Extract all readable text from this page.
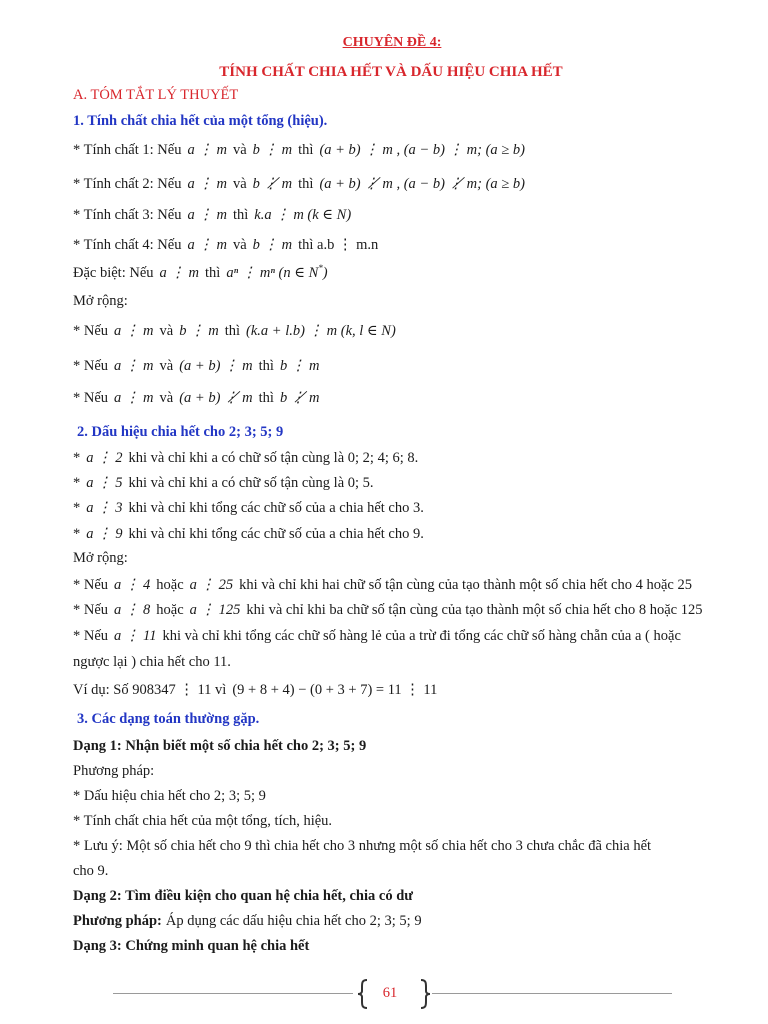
CHUYÊN ĐỀ 4:
TÍNH CHẤT CHIA HẾT VÀ DẤU HIỆU CHIA HẾT
A. TÓM TẮT LÝ THUYẾT
1. Tính chất chia hết của một tổng (hiệu).
* Tính chất 1: Nếu a ⋮ m và b ⋮ m thì (a + b) ⋮ m , (a − b) ⋮ m; (a ≥ b)
* Tính chất 2: Nếu a ⋮ m và b ⋮̸ m thì (a + b) ⋮̸ m , (a − b) ⋮̸ m; (a ≥ b)
* Tính chất 3: Nếu a ⋮ m thì k.a ⋮ m (k ∈ N)
* Tính chất 4: Nếu a ⋮ m và b ⋮ m thì a.b ⋮ m.n
Đặc biệt: Nếu a ⋮ m thì aⁿ ⋮ mⁿ (n ∈ N*)
Mở rộng:
* Nếu a ⋮ m và b ⋮ m thì (k.a + l.b) ⋮ m (k, l ∈ N)
* Nếu a ⋮ m và (a + b) ⋮ m thì b ⋮ m
* Nếu a ⋮ m và (a + b) ⋮̸ m thì b ⋮̸ m
2. Dấu hiệu chia hết cho 2; 3; 5; 9
* a ⋮ 2 khi và chỉ khi a có chữ số tận cùng là 0; 2; 4; 6; 8.
* a ⋮ 5 khi và chỉ khi a có chữ số tận cùng là 0; 5.
* a ⋮ 3 khi và chỉ khi tổng các chữ số của a chia hết cho 3.
* a ⋮ 9 khi và chỉ khi tổng các chữ số của a chia hết cho 9.
Mở rộng:
* Nếu a ⋮ 4 hoặc a ⋮ 25 khi và chỉ khi hai chữ số tận cùng của tạo thành một số chia hết cho 4 hoặc 25
* Nếu a ⋮ 8 hoặc a ⋮ 125 khi và chỉ khi ba chữ số tận cùng của tạo thành một số chia hết cho 8 hoặc 125
* Nếu a ⋮ 11 khi và chỉ khi tổng các chữ số hàng lẻ của a trừ đi tổng các chữ số hàng chẵn của a ( hoặc
ngược lại ) chia hết cho 11.
Ví dụ: Số 908347 ⋮ 11 vì (9 + 8 + 4) − (0 + 3 + 7) = 11 ⋮ 11
3. Các dạng toán thường gặp.
Dạng 1: Nhận biết một số chia hết cho 2; 3; 5; 9
Phương pháp:
* Dấu hiệu chia hết cho 2; 3; 5; 9
* Tính chất chia hết của một tổng, tích, hiệu.
* Lưu ý: Một số chia hết cho 9 thì chia hết cho 3 nhưng một số chia hết cho 3 chưa chắc đã chia hết
cho 9.
Dạng 2: Tìm điều kiện cho quan hệ chia hết, chia có dư
Phương pháp: Áp dụng các dấu hiệu chia hết cho 2; 3; 5; 9
Dạng 3: Chứng minh quan hệ chia hết
61
